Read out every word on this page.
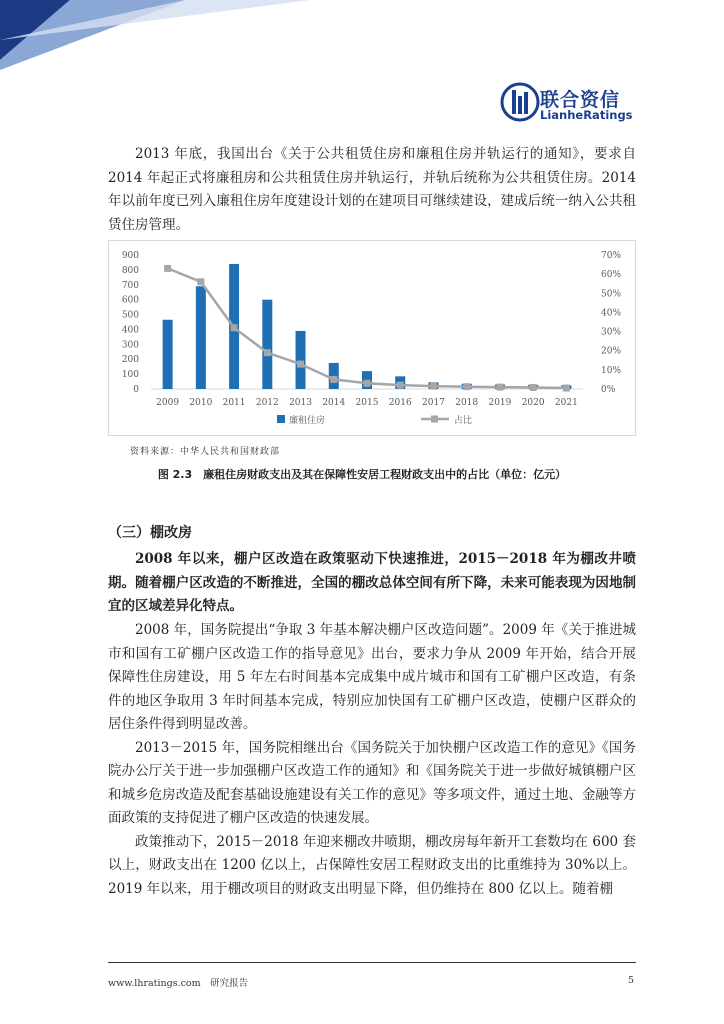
联合资信
LianheRatings

2013 年底，我国出台《关于公共租赁住房和廉租住房并轨运行的通知》，要求自2014 年起正式将廉租房和公共租赁住房并轨运行，并轨后统称为公共租赁住房。2014年以前年度已列入廉租住房年度建设计划的在建项目可继续建设，建成后统一纳入公共租赁住房管理。

0
100
200
300
400
500
600
700
800
900
0%
10%
20%
30%
40%
50%
60%
70%
2009 2010 2011 2012 2013 2014 2015 2016 2017 2018 2019 2020 2021
廉租住房	占比
资料来源：中华人民共和国财政部
图 2.3　廉租住房财政支出及其在保障性安居工程财政支出中的占比（单位：亿元）
（三）棚改房

2008 年以来，棚户区改造在政策驱动下快速推进，2015－2018 年为棚改井喷期。随着棚户区改造的不断推进，全国的棚改总体空间有所下降，未来可能表现为因地制宜的区域差异化特点。

2008 年，国务院提出“争取 3 年基本解决棚户区改造问题”。2009 年《关于推进城市和国有工矿棚户区改造工作的指导意见》出台，要求力争从 2009 年开始，结合开展保障性住房建设，用 5 年左右时间基本完成集中成片城市和国有工矿棚户区改造，有条件的地区争取用 3 年时间基本完成，特别应加快国有工矿棚户区改造，使棚户区群众的居住条件得到明显改善。

2013－2015 年，国务院相继出台《国务院关于加快棚户区改造工作的意见》《国务院办公厅关于进一步加强棚户区改造工作的通知》和《国务院关于进一步做好城镇棚户区和城乡危房改造及配套基础设施建设有关工作的意见》等多项文件，通过土地、金融等方面政策的支持促进了棚户区改造的快速发展。

政策推动下，2015－2018 年迎来棚改井喷期，棚改房每年新开工套数均在 600 套以上，财政支出在 1200 亿以上，占保障性安居工程财政支出的比重维持为 30%以上。2019 年以来，用于棚改项目的财政支出明显下降，但仍维持在 800 亿以上。随着棚

www.lhratings.com　研究报告	5
